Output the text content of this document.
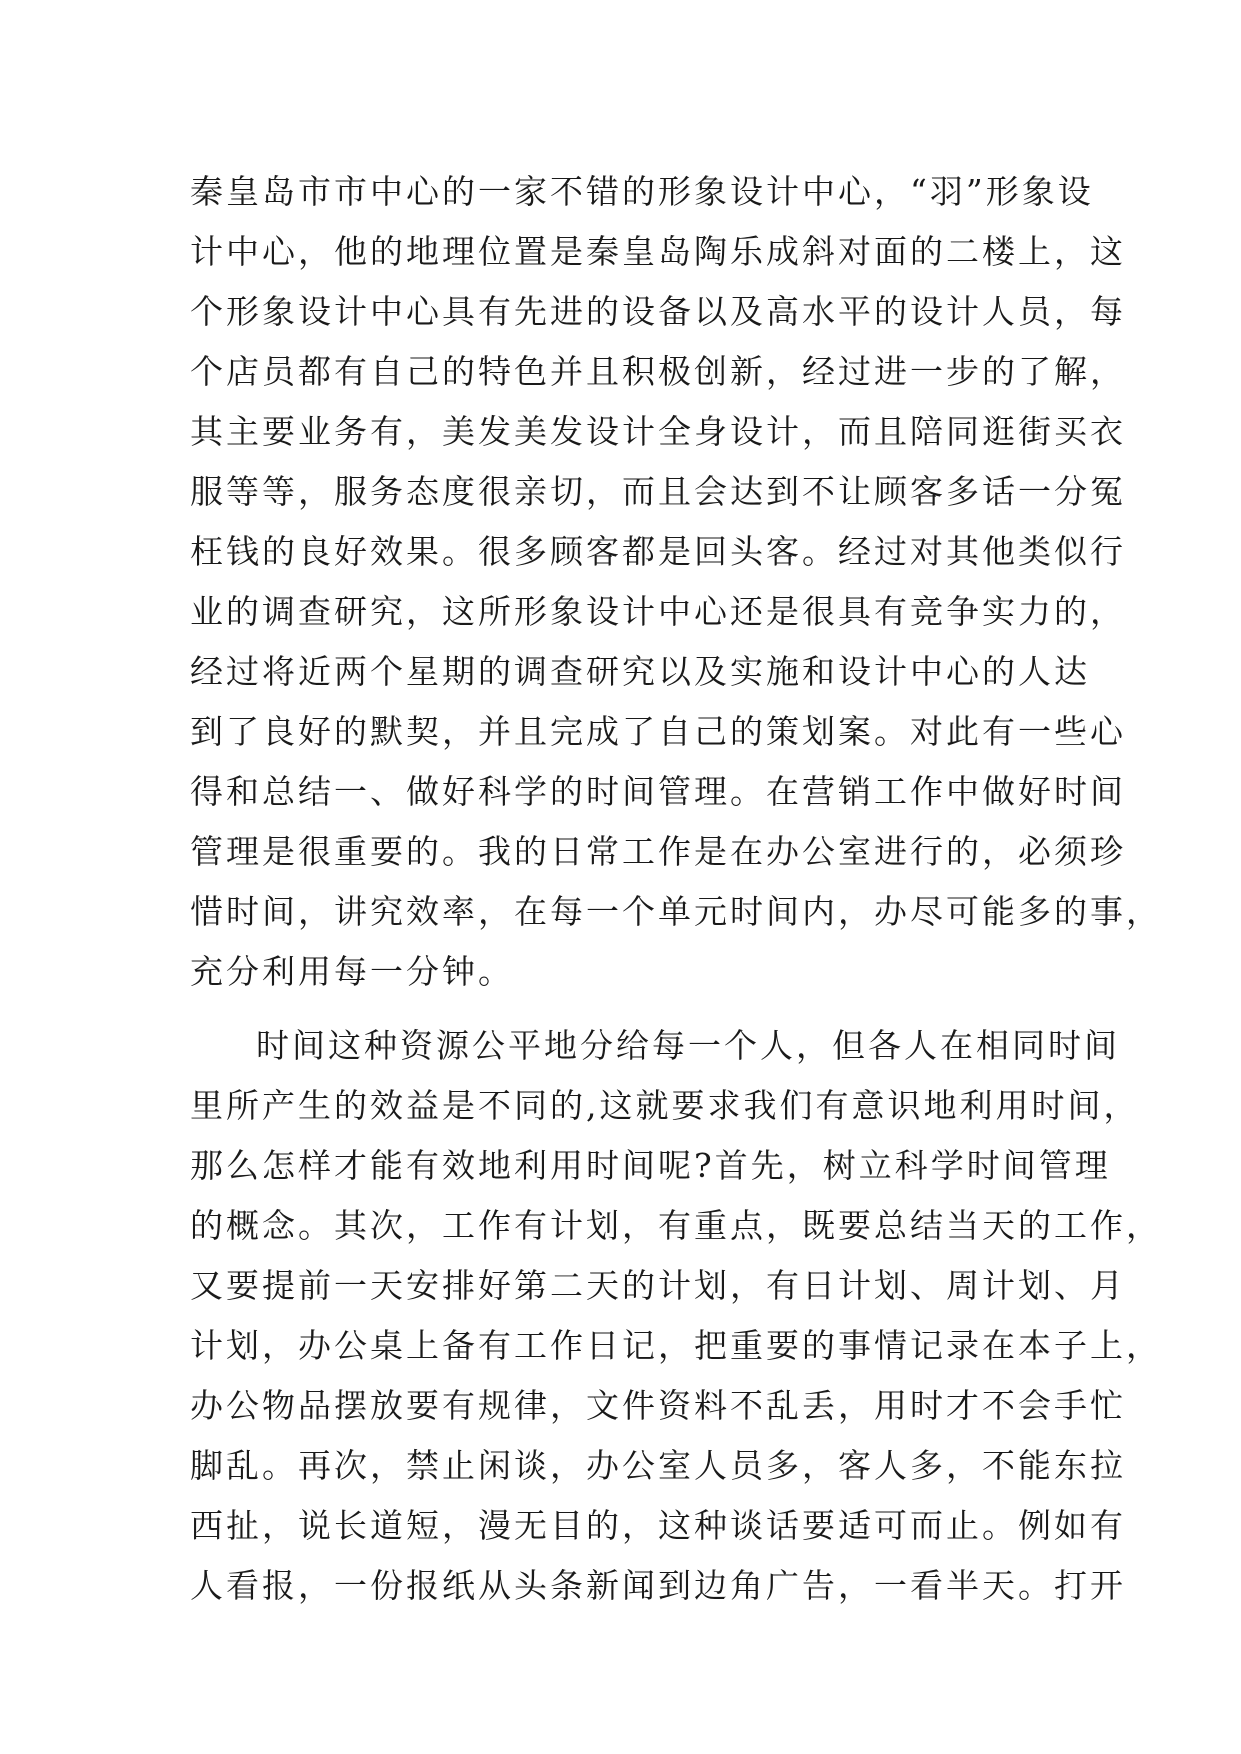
秦皇岛市市中心的一家不错的形象设计中心，“羽”形象设
计中心，他的地理位置是秦皇岛陶乐成斜对面的二楼上，这
个形象设计中心具有先进的设备以及高水平的设计人员，每
个店员都有自己的特色并且积极创新，经过进一步的了解，
其主要业务有，美发美发设计全身设计，而且陪同逛街买衣
服等等，服务态度很亲切，而且会达到不让顾客多话一分冤
枉钱的良好效果。很多顾客都是回头客。经过对其他类似行
业的调查研究，这所形象设计中心还是很具有竞争实力的，
经过将近两个星期的调查研究以及实施和设计中心的人达
到了良好的默契，并且完成了自己的策划案。对此有一些心
得和总结一、做好科学的时间管理。在营销工作中做好时间
管理是很重要的。我的日常工作是在办公室进行的，必须珍
惜时间，讲究效率，在每一个单元时间内，办尽可能多的事，
充分利用每一分钟。

时间这种资源公平地分给每一个人，但各人在相同时间
里所产生的效益是不同的,这就要求我们有意识地利用时间，
那么怎样才能有效地利用时间呢?首先，树立科学时间管理
的概念。其次，工作有计划，有重点，既要总结当天的工作，
又要提前一天安排好第二天的计划，有日计划、周计划、月
计划，办公桌上备有工作日记，把重要的事情记录在本子上，
办公物品摆放要有规律，文件资料不乱丢，用时才不会手忙
脚乱。再次，禁止闲谈，办公室人员多，客人多，不能东拉
西扯，说长道短，漫无目的，这种谈话要适可而止。例如有
人看报，一份报纸从头条新闻到边角广告，一看半天。打开
